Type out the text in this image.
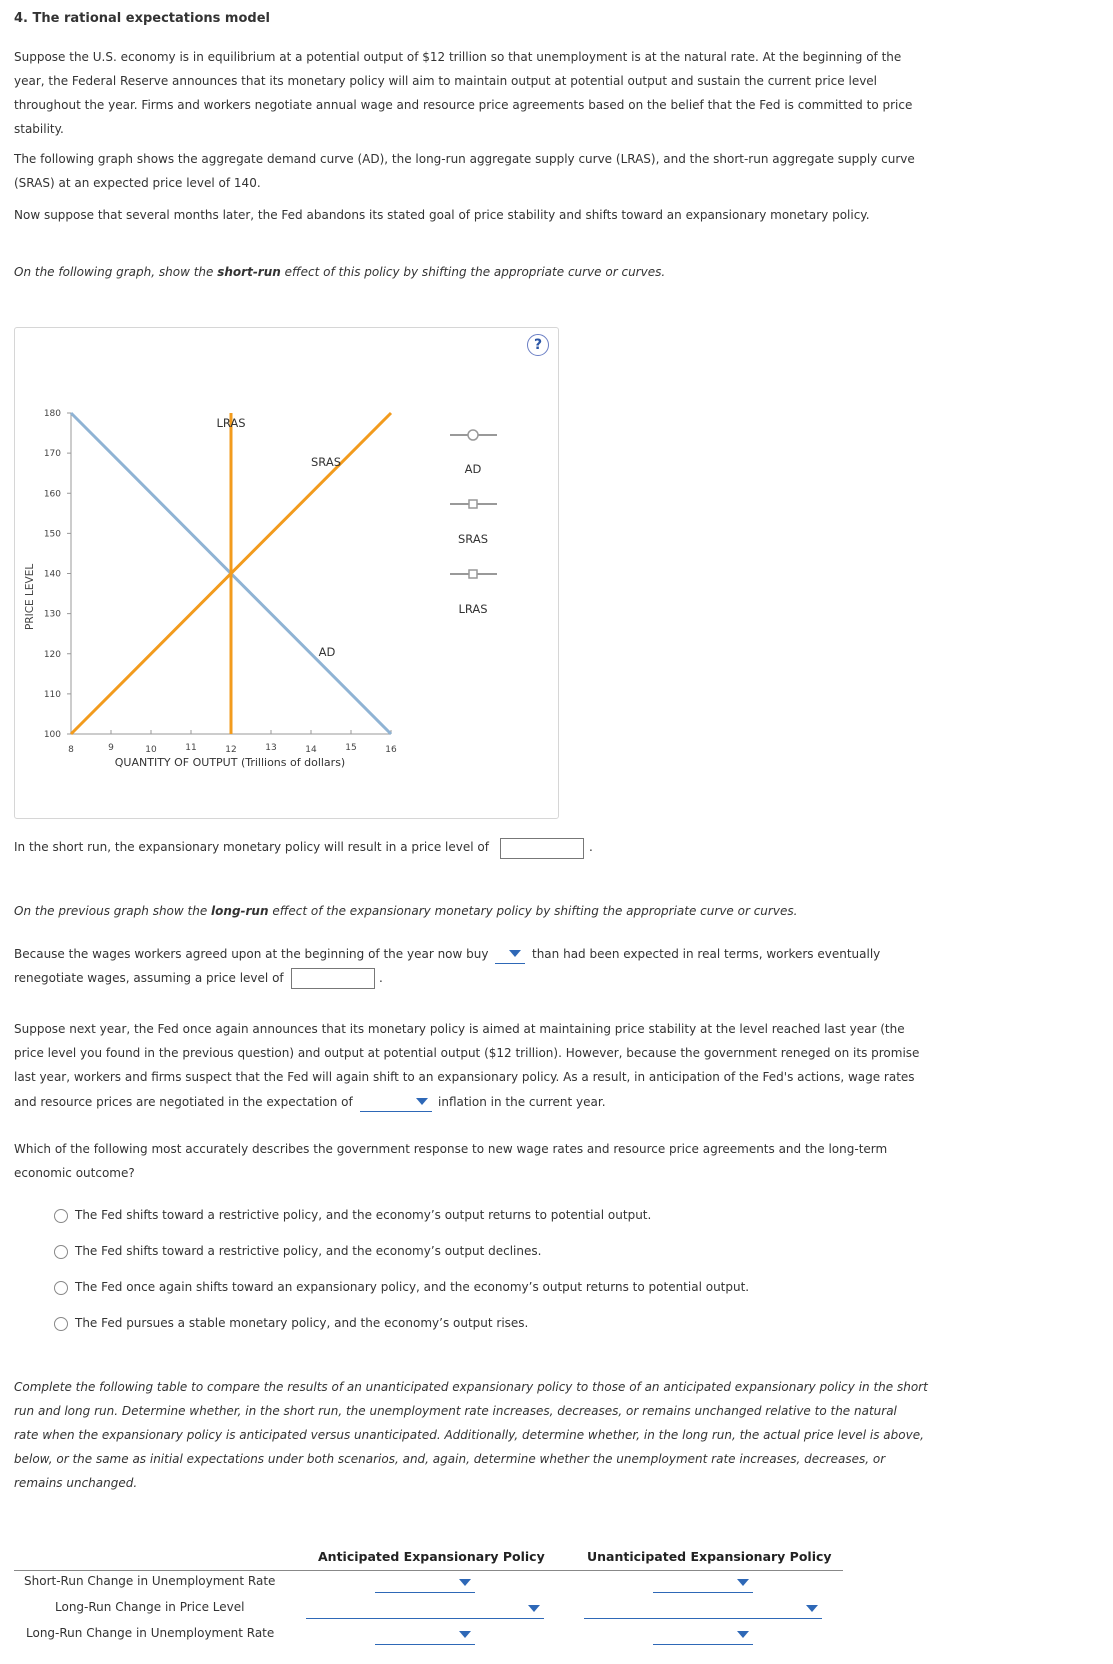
4. The rational expectations model
Suppose the U.S. economy is in equilibrium at a potential output of $12 trillion so that unemployment is at the natural rate. At the beginning of the
year, the Federal Reserve announces that its monetary policy will aim to maintain output at potential output and sustain the current price level
throughout the year. Firms and workers negotiate annual wage and resource price agreements based on the belief that the Fed is committed to price
stability.
The following graph shows the aggregate demand curve (AD), the long-run aggregate supply curve (LRAS), and the short-run aggregate supply curve
(SRAS) at an expected price level of 140.
Now suppose that several months later, the Fed abandons its stated goal of price stability and shifts toward an expansionary monetary policy.
On the following graph, show the short-run effect of this policy by shifting the appropriate curve or curves.
?
PRICE LEVEL
180
170
160
150
140
130
120
110
100
8	9	10	11	12	13	14	15	16
QUANTITY OF OUTPUT (Trillions of dollars)
LRAS
SRAS
AD
AD
SRAS
LRAS
In the short run, the expansionary monetary policy will result in a price level of	.
On the previous graph show the long-run effect of the expansionary monetary policy by shifting the appropriate curve or curves.
Because the wages workers agreed upon at the beginning of the year now buy	than had been expected in real terms, workers eventually
renegotiate wages, assuming a price level of	.
Suppose next year, the Fed once again announces that its monetary policy is aimed at maintaining price stability at the level reached last year (the
price level you found in the previous question) and output at potential output ($12 trillion). However, because the government reneged on its promise
last year, workers and firms suspect that the Fed will again shift to an expansionary policy. As a result, in anticipation of the Fed's actions, wage rates
and resource prices are negotiated in the expectation of	inflation in the current year.
Which of the following most accurately describes the government response to new wage rates and resource price agreements and the long-term
economic outcome?
The Fed shifts toward a restrictive policy, and the economy’s output returns to potential output.
The Fed shifts toward a restrictive policy, and the economy’s output declines.
The Fed once again shifts toward an expansionary policy, and the economy’s output returns to potential output.
The Fed pursues a stable monetary policy, and the economy’s output rises.
Complete the following table to compare the results of an unanticipated expansionary policy to those of an anticipated expansionary policy in the short
run and long run. Determine whether, in the short run, the unemployment rate increases, decreases, or remains unchanged relative to the natural
rate when the expansionary policy is anticipated versus unanticipated. Additionally, determine whether, in the long run, the actual price level is above,
below, or the same as initial expectations under both scenarios, and, again, determine whether the unemployment rate increases, decreases, or
remains unchanged.
Anticipated Expansionary Policy	Unanticipated Expansionary Policy
Short-Run Change in Unemployment Rate
Long-Run Change in Price Level
Long-Run Change in Unemployment Rate
